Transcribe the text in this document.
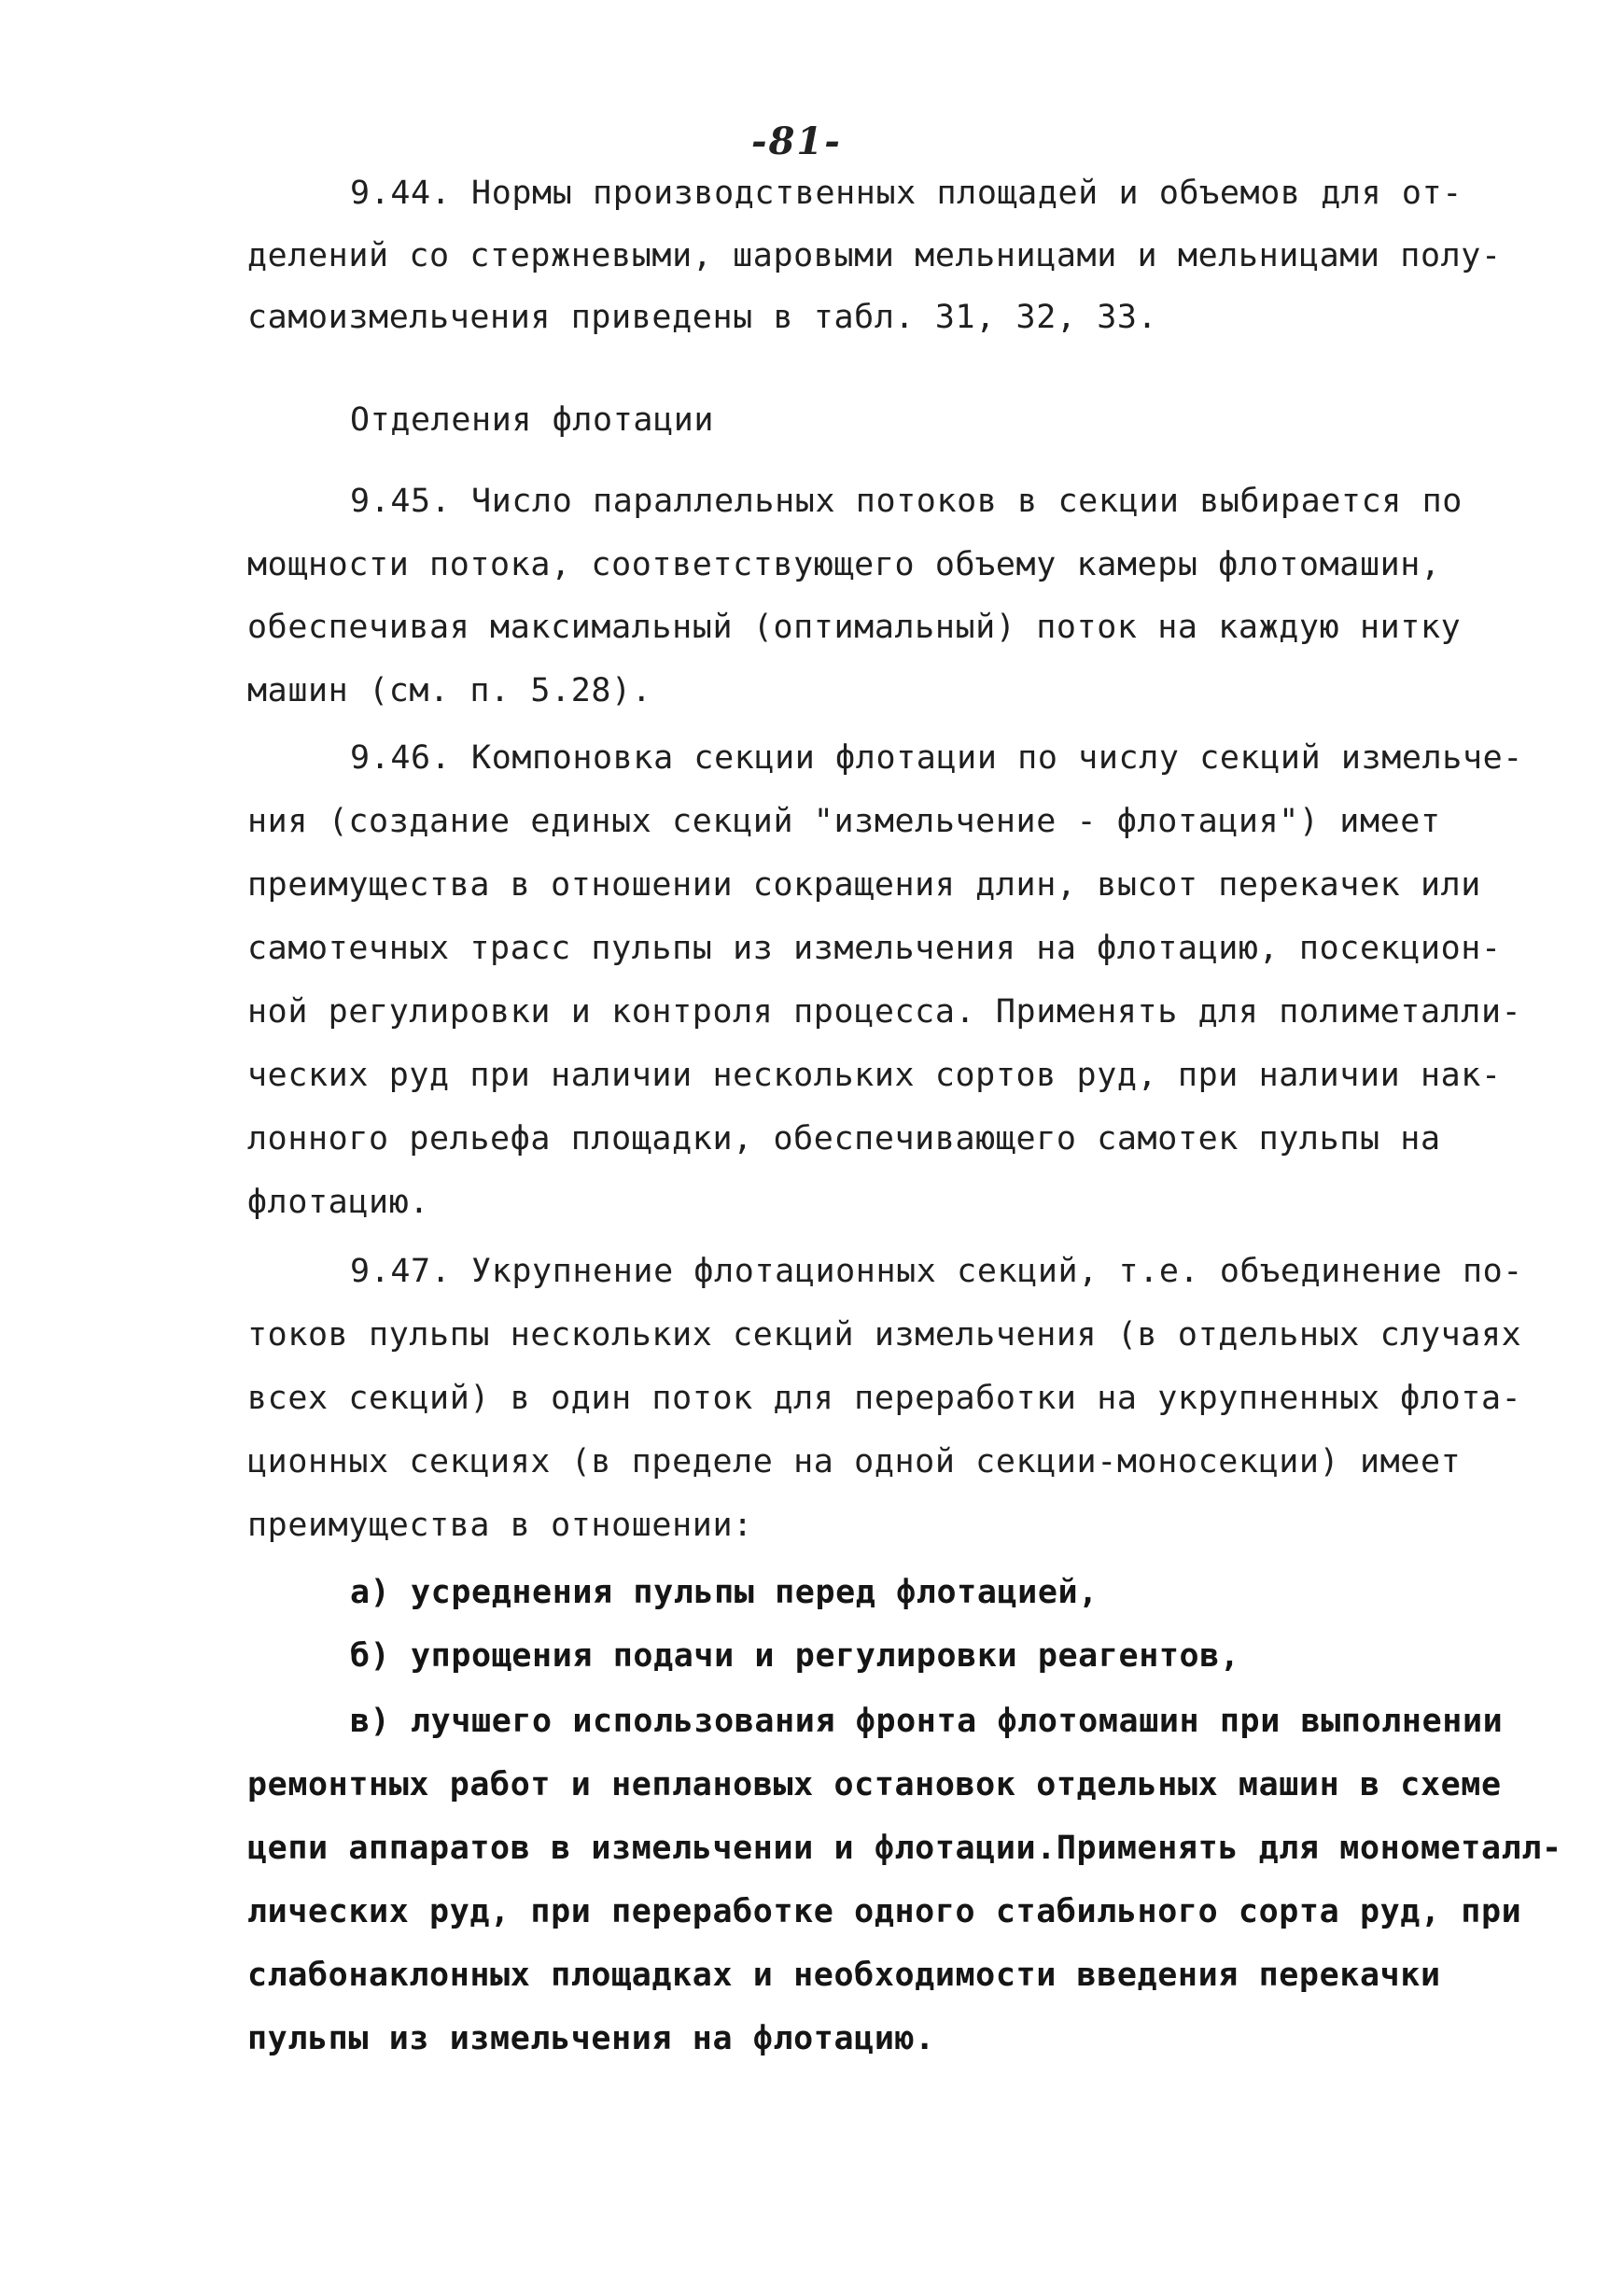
-81-
9.44. Нормы производственных площадей и объемов для от-
делений со стержневыми, шаровыми мельницами и мельницами полу-
самоизмельчения приведены в табл. 31, 32, 33.
Отделения флотации
9.45. Число параллельных потоков в секции выбирается по
мощности потока, соответствующего объему камеры флотомашин,
обеспечивая максимальный (оптимальный) поток на каждую нитку
машин (см. п. 5.28).
9.46. Компоновка секции флотации по числу секций измельче-
ния (создание единых секций "измельчение - флотация") имеет
преимущества в отношении сокращения длин, высот перекачек или
самотечных трасс пульпы из измельчения на флотацию, посекцион-
ной регулировки и контроля процесса. Применять для полиметалли-
ческих руд при наличии нескольких сортов руд, при наличии нак-
лонного рельефа площадки, обеспечивающего самотек пульпы на
флотацию.
9.47. Укрупнение флотационных секций, т.е. объединение по-
токов пульпы нескольких секций измельчения (в отдельных случаях
всех секций) в один поток для переработки на укрупненных флота-
ционных секциях (в пределе на одной секции-моносекции) имеет
преимущества в отношении:
а) усреднения пульпы перед флотацией,
б) упрощения подачи и регулировки реагентов,
в) лучшего использования фронта флотомашин при выполнении
ремонтных работ и неплановых остановок отдельных машин в схеме
цепи аппаратов в измельчении и флотации.Применять для монометалл-
лических руд, при переработке одного стабильного сорта руд, при
слабонаклонных площадках и необходимости введения перекачки
пульпы из измельчения на флотацию.
